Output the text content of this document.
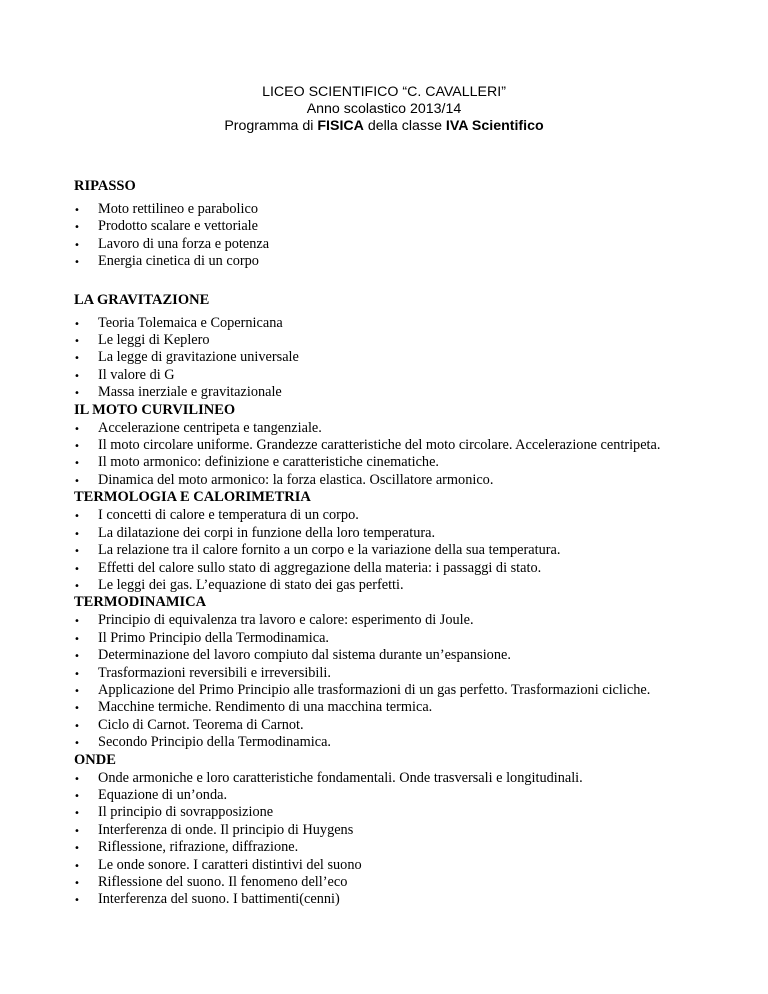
LICEO SCIENTIFICO “C. CAVALLERI”
Anno scolastico 2013/14
Programma di FISICA della classe IVA Scientifico

RIPASSO

•
Moto rettilineo e parabolico
•
Prodotto scalare e vettoriale
•
Lavoro di una forza e potenza
•
Energia cinetica di un corpo

LA GRAVITAZIONE

•
Teoria Tolemaica e Copernicana
•
Le leggi di Keplero
•
La legge di gravitazione universale
•
Il valore di G
•
Massa inerziale e gravitazionale

IL MOTO CURVILINEO

•
Accelerazione centripeta e tangenziale.
•
Il moto circolare uniforme. Grandezze caratteristiche del moto circolare. Accelerazione centripeta.
•
Il moto armonico: definizione e caratteristiche cinematiche.
•
Dinamica del moto armonico: la forza elastica. Oscillatore armonico.

TERMOLOGIA E CALORIMETRIA

•
I concetti di calore e temperatura di un corpo.
•
La dilatazione dei corpi in funzione della loro temperatura.
•
La relazione tra il calore fornito a un corpo e la variazione della sua temperatura.
•
Effetti del calore sullo stato di aggregazione della materia: i passaggi di stato.
•
Le leggi dei gas. L’equazione di stato dei gas perfetti.

TERMODINAMICA

•
Principio di equivalenza tra lavoro e calore: esperimento di Joule.
•
Il Primo Principio della Termodinamica.
•
Determinazione del lavoro compiuto dal sistema durante un’espansione.
•
Trasformazioni reversibili e irreversibili.
•
Applicazione del Primo Principio alle trasformazioni di un gas perfetto. Trasformazioni cicliche.
•
Macchine termiche. Rendimento di una macchina termica.
•
Ciclo di Carnot. Teorema di Carnot.
•
Secondo Principio della Termodinamica.

ONDE

•
Onde armoniche e loro caratteristiche fondamentali. Onde trasversali e longitudinali.
•
Equazione di un’onda.
•
Il principio di sovrapposizione
•
Interferenza di onde. Il principio di Huygens
•
Riflessione, rifrazione, diffrazione.
•
Le onde sonore. I caratteri distintivi del suono
•
Riflessione del suono. Il fenomeno dell’eco
•
Interferenza del suono. I battimenti(cenni)
